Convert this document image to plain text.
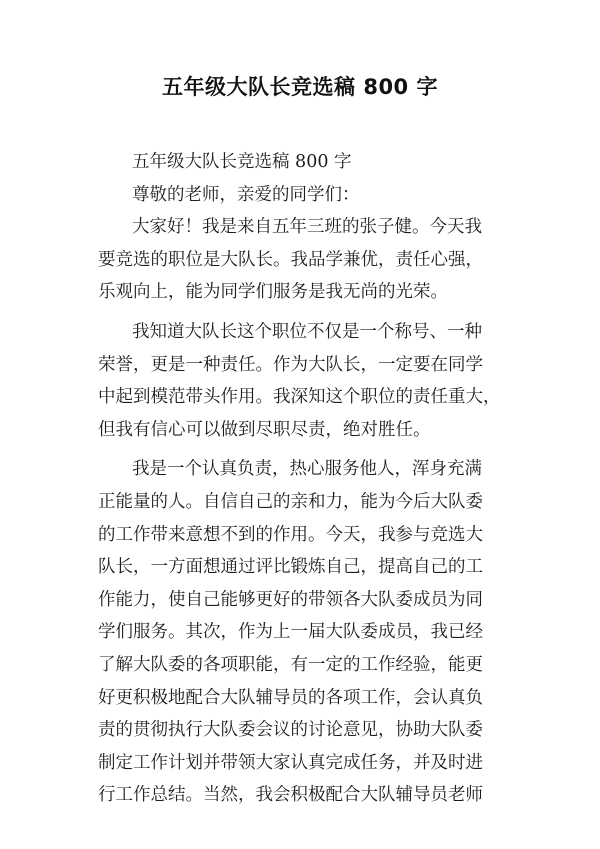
五年级大队长竞选稿 800 字
五年级大队长竞选稿 800 字
尊敬的老师，亲爱的同学们：
大家好！我是来自五年三班的张子健。今天我
要竞选的职位是大队长。我品学兼优，责任心强，
乐观向上，能为同学们服务是我无尚的光荣。
我知道大队长这个职位不仅是一个称号、一种
荣誉，更是一种责任。作为大队长，一定要在同学
中起到模范带头作用。我深知这个职位的责任重大，
但我有信心可以做到尽职尽责，绝对胜任。
我是一个认真负责，热心服务他人，浑身充满
正能量的人。自信自己的亲和力，能为今后大队委
的工作带来意想不到的作用。今天，我参与竞选大
队长，一方面想通过评比锻炼自己，提高自己的工
作能力，使自己能够更好的带领各大队委成员为同
学们服务。其次，作为上一届大队委成员，我已经
了解大队委的各项职能，有一定的工作经验，能更
好更积极地配合大队辅导员的各项工作，会认真负
责的贯彻执行大队委会议的讨论意见，协助大队委
制定工作计划并带领大家认真完成任务，并及时进
行工作总结。当然，我会积极配合大队辅导员老师
